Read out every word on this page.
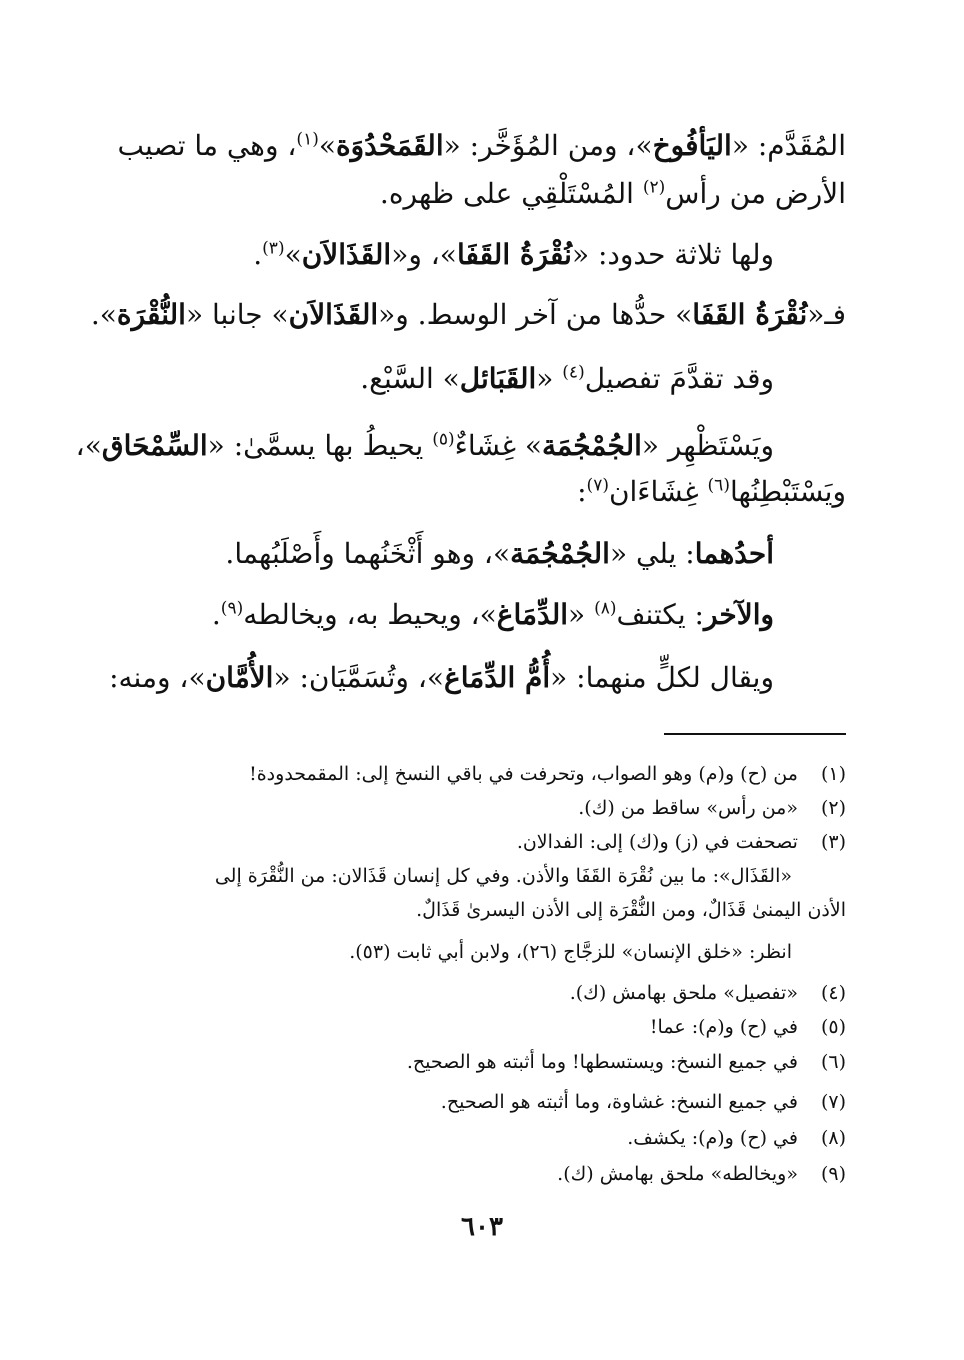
المُقَدَّم: «اليَأفُوخ»، ومن المُؤَخَّر: «القَمَحْدُوَة»$^{(١)}$، وهي ما تصيب
الأرض من رأس$^{(٢)}$ المُسْتَلْقِي على ظهره.
ولها ثلاثة حدود: «نُقْرَةُ القَفَا»، و«القَذَالاَن»$^{(٣)}$.
فـ«نُقْرَةُ القَفَا» حدُّها من آخر الوسط. و«القَذَالاَن» جانبا «النُّقْرَة».
وقد تقدَّمَ تفصيل$^{(٤)}$ «القَبَائل» السَّبْع.
ويَسْتَظْهِر «الجُمْجُمَة» غِشَاءٌ$^{(٥)}$ يحيطُ بها يسمَّىٰ: «السِّمْحَاق»،
ويَسْتَبْطِنُها$^{(٦)}$ غِشَاءَان$^{(٧)}$:
أحدُهما: يلي «الجُمْجُمَة»، وهو أَثْخَنُهما وأَصْلَبُهما.
والآخر: يكتنف$^{(٨)}$ «الدِّمَاغ»، ويحيط به، ويخالطه$^{(٩)}$.
ويقال لكلٍّ منهما: «أُمُّ الدِّمَاغ»، وتُسَمَّيَان: «الأُمَّان»، ومنه:
(١) من (ح) و(م) وهو الصواب، وتحرفت في باقي النسخ إلى: المقمحدودة!
(٢) «من رأس» ساقط من (ك).
(٣) تصحفت في (ز) و(ك) إلى: الفدالان.
«القَذَال»: ما بين نُقْرَة القَفَا والأذن. وفي كل إنسان قَذَالان: من النُّقْرَة إلى
الأذن اليمنىٰ قَذَالٌ، ومن النُّقْرَة إلى الأذن اليسرىٰ قَذَالٌ.
انظر: «خلق الإنسان» للزجَّاج (٢٦)، ولابن أبي ثابت (٥٣).
(٤) «تفصيل» ملحق بهامش (ك).
(٥) في (ح) و(م): عما!
(٦) في جميع النسخ: ويستسطها! وما أثبته هو الصحيح.
(٧) في جميع النسخ: غشاوة، وما أثبته هو الصحيح.
(٨) في (ح) و(م): يكشف.
(٩) «ويخالطه» ملحق بهامش (ك).
٦٠٣
